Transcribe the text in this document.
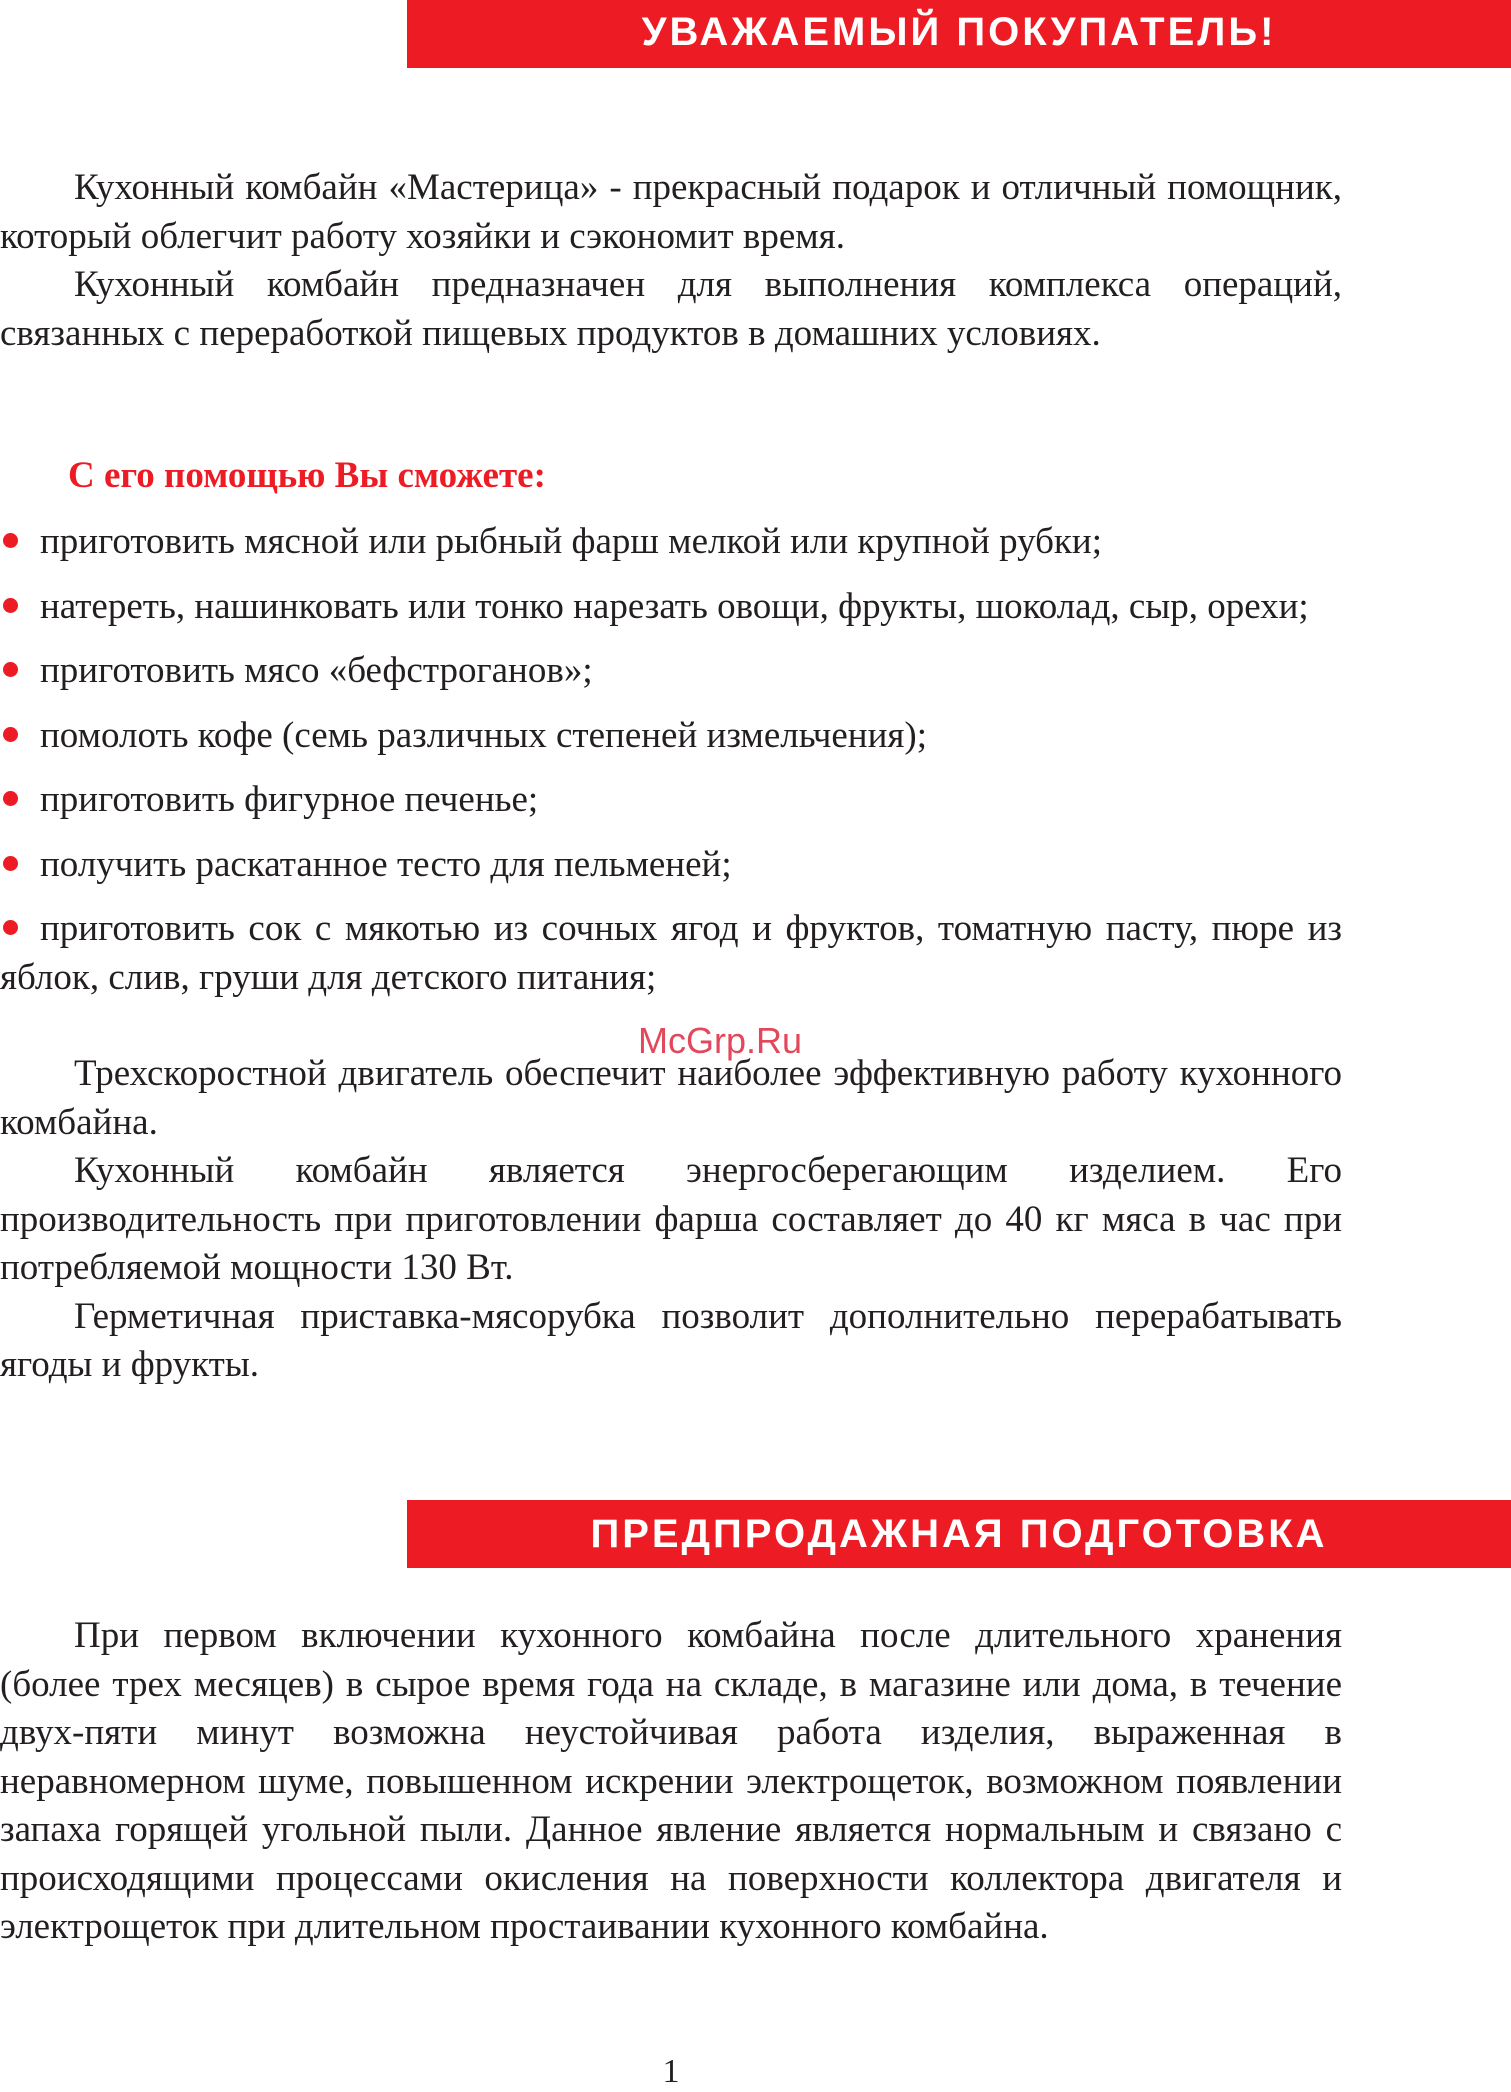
УВАЖАЕМЫЙ ПОКУПАТЕЛЬ!

Кухонный комбайн «Мастерица» - прекрасный подарок и отличный помощник, который облегчит работу хозяйки и сэкономит время.

Кухонный комбайн предназначен для выполнения комплекса операций, связанных с переработкой пищевых продуктов в домашних условиях.

С его помощью Вы сможете:

приготовить мясной или рыбный фарш мелкой или крупной рубки;

натереть, нашинковать или тонко нарезать овощи, фрукты, шоколад, сыр, орехи;

приготовить мясо «бефстроганов»;

помолоть кофе (семь различных степеней измельчения);

приготовить фигурное печенье;

получить раскатанное тесто для пельменей;

приготовить сок с мякотью из сочных ягод и фруктов, томатную пасту, пюре из яблок, слив, груши для детского питания;

Трехскоростной двигатель обеспечит наиболее эффективную работу кухонного комбайна.

Кухонный комбайн является энергосберегающим изделием. Его производительность при приготовлении фарша составляет до 40 кг мяса в час при потребляемой мощности 130 Вт.

Герметичная приставка-мясорубка позволит дополнительно перерабатывать ягоды и фрукты.

McGrp.Ru
ПРЕДПРОДАЖНАЯ ПОДГОТОВКА

При первом включении кухонного комбайна после длительного хранения (более трех месяцев) в сырое время года на складе, в магазине или дома, в течение двух-пяти минут возможна неустойчивая работа изделия, выраженная в неравномерном шуме, повышенном искрении электрощеток, возможном появлении запаха горящей угольной пыли. Данное явление является нормальным и связано с происходящими процессами окисления на поверхности коллектора двигателя и электрощеток при длительном простаивании кухонного комбайна.

1
